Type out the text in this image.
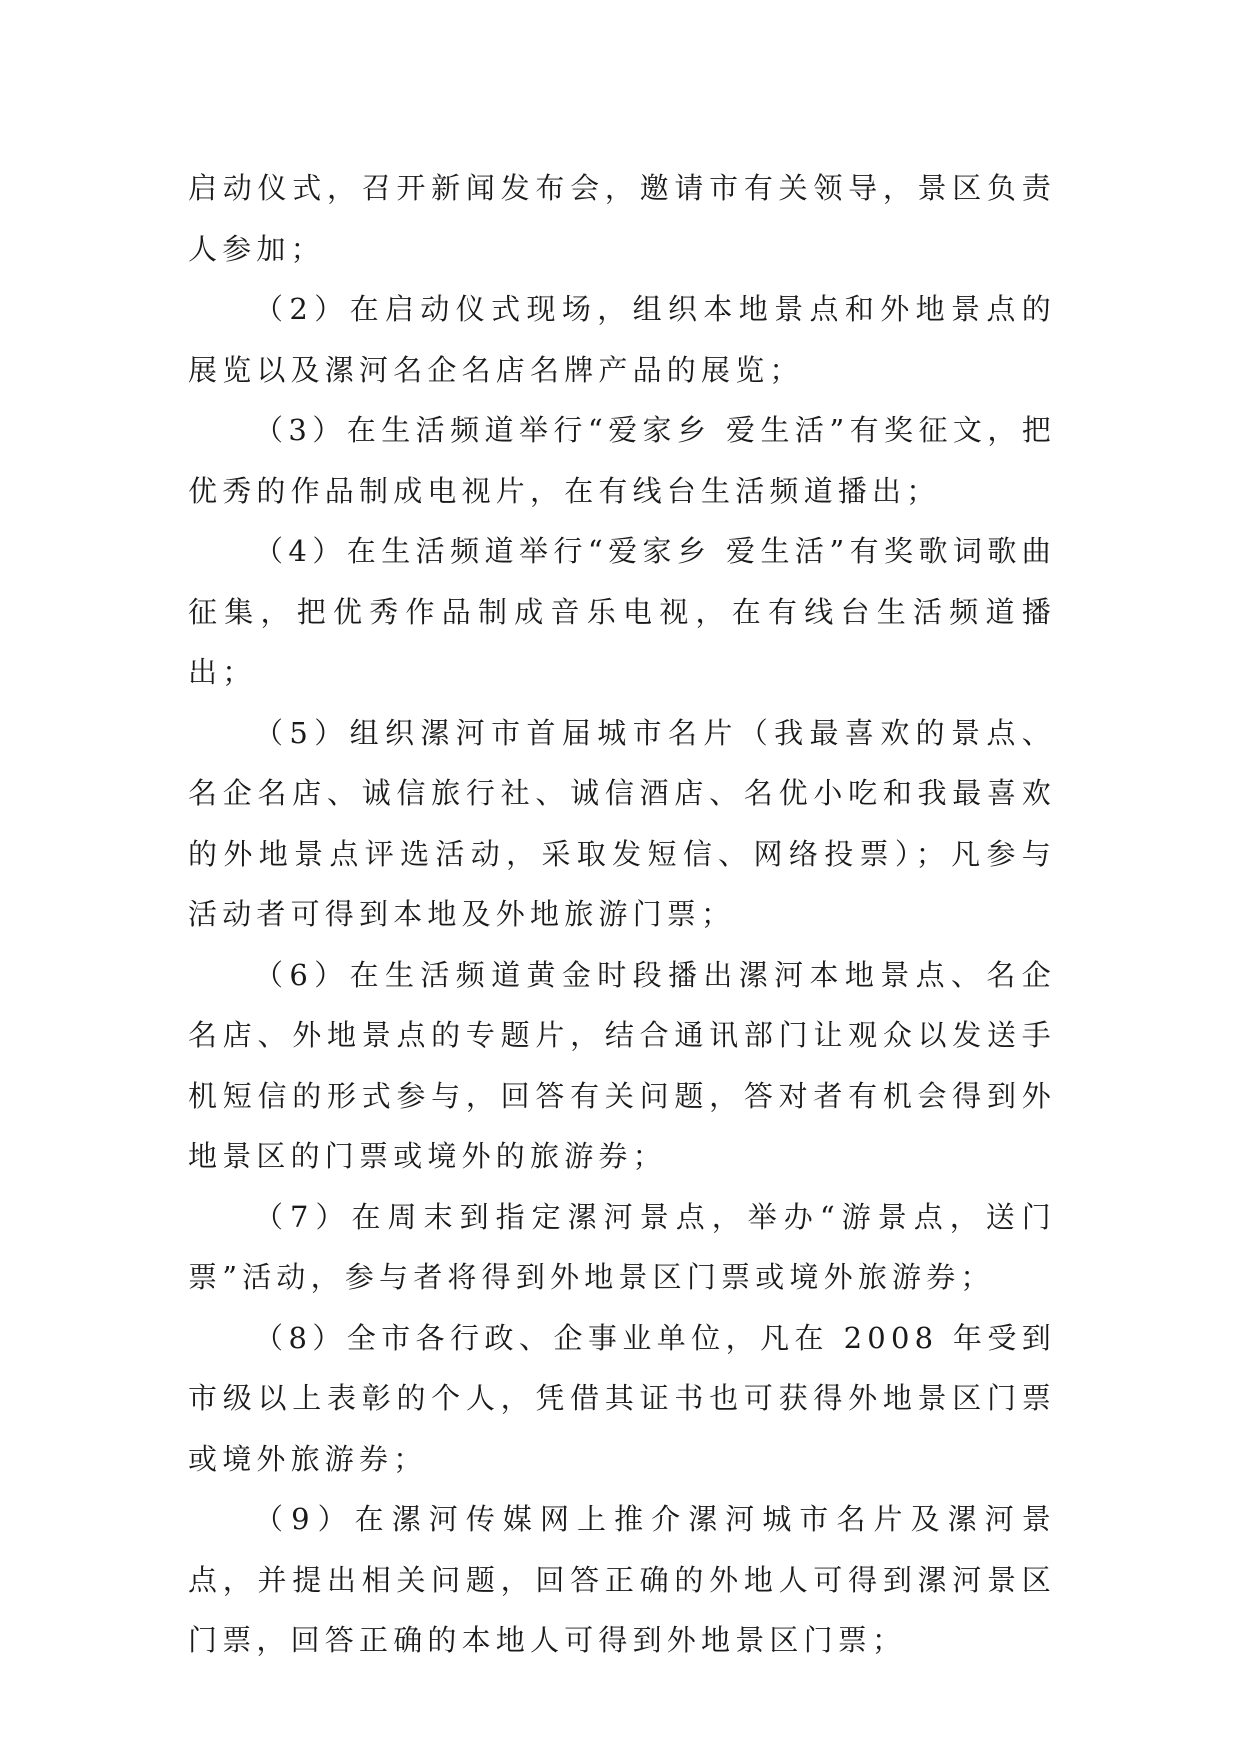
启动仪式，召开新闻发布会，邀请市有关领导，景区负责人参加；

（2）在启动仪式现场，组织本地景点和外地景点的展览以及漯河名企名店名牌产品的展览；

（3）在生活频道举行“爱家乡 爱生活”有奖征文，把优秀的作品制成电视片，在有线台生活频道播出；

（4）在生活频道举行“爱家乡 爱生活”有奖歌词歌曲征集，把优秀作品制成音乐电视，在有线台生活频道播出；

（5）组织漯河市首届城市名片（我最喜欢的景点、名企名店、诚信旅行社、诚信酒店、名优小吃和我最喜欢的外地景点评选活动，采取发短信、网络投票）；凡参与活动者可得到本地及外地旅游门票；

（6）在生活频道黄金时段播出漯河本地景点、名企名店、外地景点的专题片，结合通讯部门让观众以发送手机短信的形式参与，回答有关问题，答对者有机会得到外地景区的门票或境外的旅游券；

（7）在周末到指定漯河景点，举办“游景点，送门票”活动，参与者将得到外地景区门票或境外旅游券；

（8）全市各行政、企事业单位，凡在 2008 年受到市级以上表彰的个人，凭借其证书也可获得外地景区门票或境外旅游券；

（9）在漯河传媒网上推介漯河城市名片及漯河景点，并提出相关问题，回答正确的外地人可得到漯河景区门票，回答正确的本地人可得到外地景区门票；
